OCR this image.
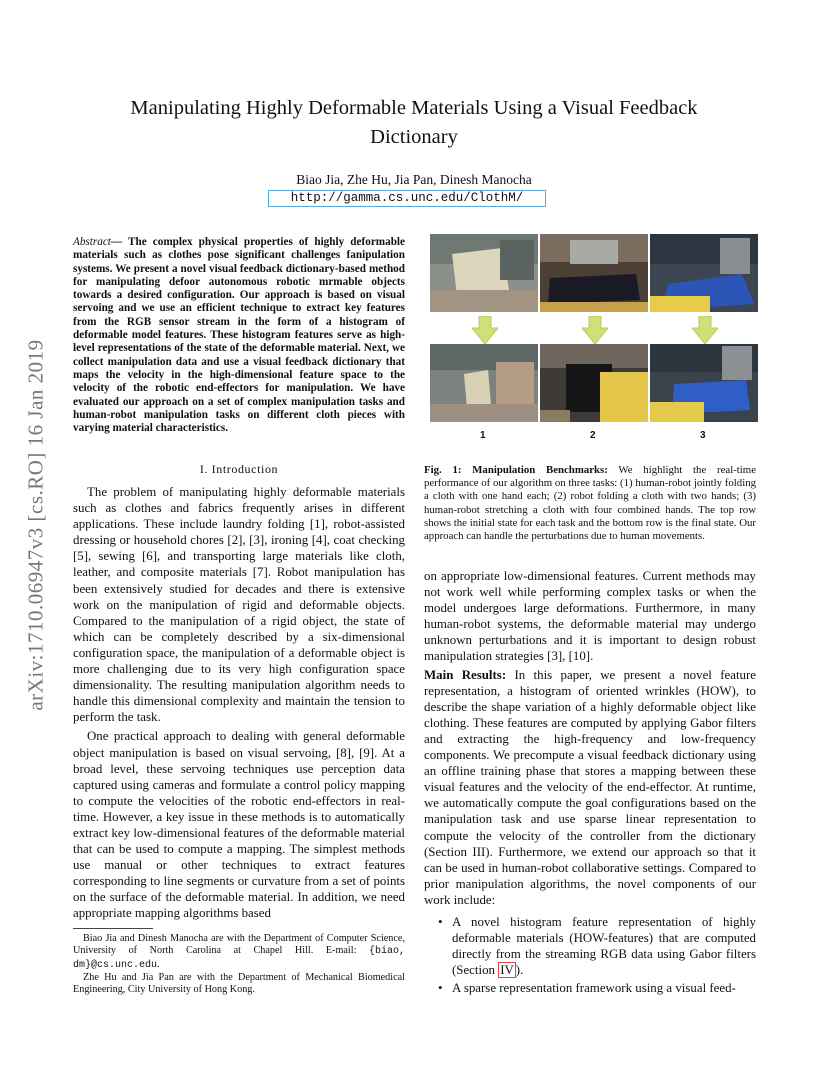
Manipulating Highly Deformable Materials Using a Visual Feedback Dictionary
Biao Jia, Zhe Hu, Jia Pan, Dinesh Manocha
http://gamma.cs.unc.edu/ClothM/
arXiv:1710.06947v3 [cs.RO] 16 Jan 2019
Abstract— The complex physical properties of highly deformable materials such as clothes pose significant challenges fanipulation systems. We present a novel visual feedback dictionary-based method for manipulating defoor autonomous robotic mrmable objects towards a desired configuration. Our approach is based on visual servoing and we use an efficient technique to extract key features from the RGB sensor stream in the form of a histogram of deformable model features. These histogram features serve as high-level representations of the state of the deformable material. Next, we collect manipulation data and use a visual feedback dictionary that maps the velocity in the high-dimensional feature space to the velocity of the robotic end-effectors for manipulation. We have evaluated our approach on a set of complex manipulation tasks and human-robot manipulation tasks on different cloth pieces with varying material characteristics.
I. Introduction

The problem of manipulating highly deformable materials such as clothes and fabrics frequently arises in different applications. These include laundry folding [1], robot-assisted dressing or household chores [2], [3], ironing [4], coat checking [5], sewing [6], and transporting large materials like cloth, leather, and composite materials [7]. Robot manipulation has been extensively studied for decades and there is extensive work on the manipulation of rigid and deformable objects. Compared to the manipulation of a rigid object, the state of which can be completely described by a six-dimensional configuration space, the manipulation of a deformable object is more challenging due to its very high configuration space dimensionality. The resulting manipulation algorithm needs to handle this dimensional complexity and maintain the tension to perform the task.

One practical approach to dealing with general deformable object manipulation is based on visual servoing, [8], [9]. At a broad level, these servoing techniques use perception data captured using cameras and formulate a control policy mapping to compute the velocities of the robotic end-effectors in real-time. However, a key issue in these methods is to automatically extract key low-dimensional features of the deformable material that can be used to compute a mapping. The simplest methods use manual or other techniques to extract features corresponding to line segments or curvature from a set of points on the surface of the deformable material. In addition, we need appropriate mapping algorithms based

Biao Jia and Dinesh Manocha are with the Department of Computer Science, University of North Carolina at Chapel Hill. E-mail: {biao, dm}@cs.unc.edu.

Zhe Hu and Jia Pan are with the Department of Mechanical Biomedical Engineering, City University of Hong Kong.

1	2	3
Fig. 1: Manipulation Benchmarks: We highlight the real-time performance of our algorithm on three tasks: (1) human-robot jointly folding a cloth with one hand each; (2) robot folding a cloth with two hands; (3) human-robot stretching a cloth with four combined hands. The top row shows the initial state for each task and the bottom row is the final state. Our approach can handle the perturbations due to human movements.

on appropriate low-dimensional features. Current methods may not work well while performing complex tasks or when the model undergoes large deformations. Furthermore, in many human-robot systems, the deformable material may undergo unknown perturbations and it is important to design robust manipulation strategies [3], [10].

Main Results: In this paper, we present a novel feature representation, a histogram of oriented wrinkles (HOW), to describe the shape variation of a highly deformable object like clothing. These features are computed by applying Gabor filters and extracting the high-frequency and low-frequency components. We precompute a visual feedback dictionary using an offline training phase that stores a mapping between these visual features and the velocity of the end-effector. At runtime, we automatically compute the goal configurations based on the manipulation task and use sparse linear representation to compute the velocity of the controller from the dictionary (Section III). Furthermore, we extend our approach so that it can be used in human-robot collaborative settings. Compared to prior manipulation algorithms, the novel components of our work include:

• A novel histogram feature representation of highly deformable materials (HOW-features) that are computed directly from the streaming RGB data using Gabor filters (Section IV ).
• A sparse representation framework using a visual feed-
